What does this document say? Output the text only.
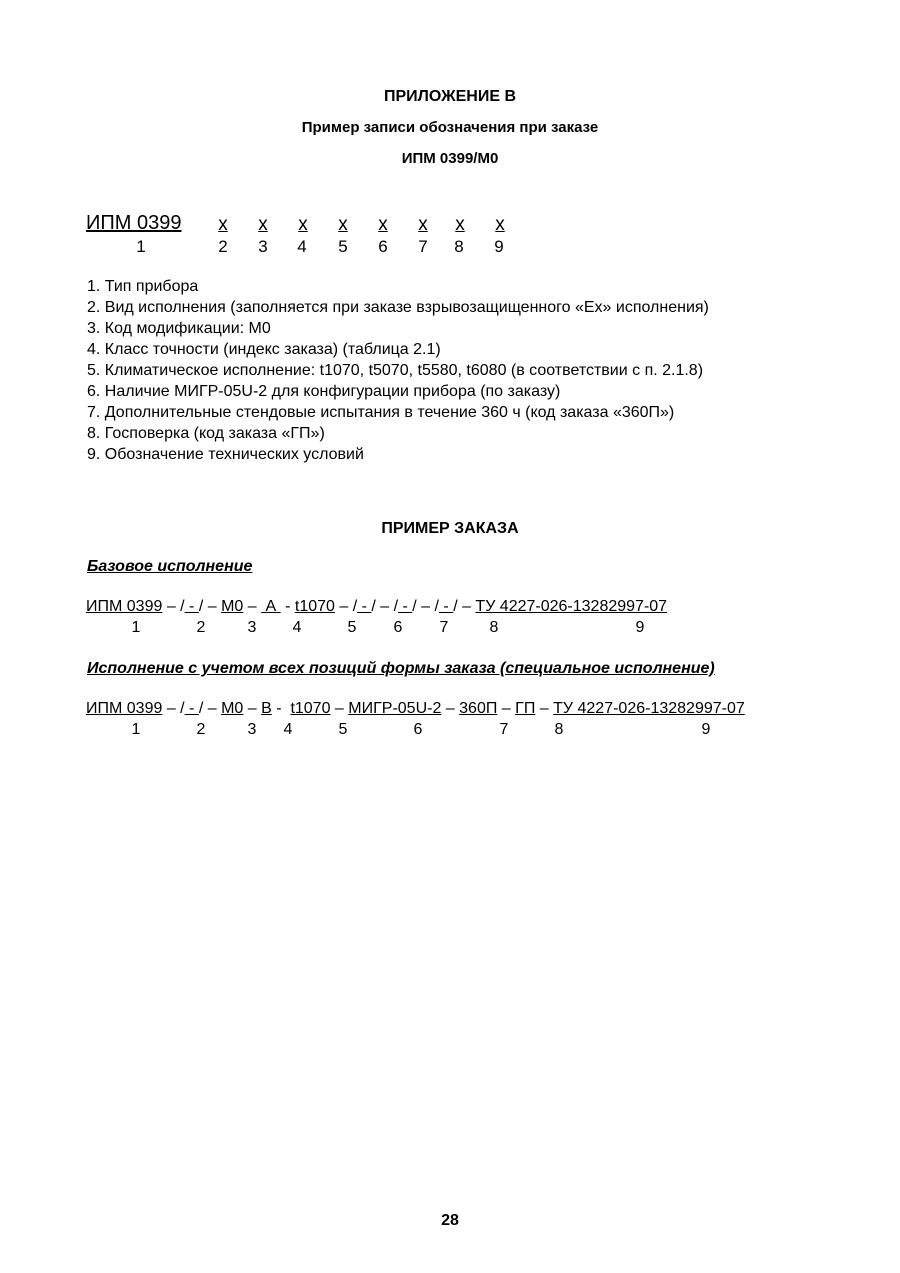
ПРИЛОЖЕНИЕ В
Пример записи обозначения при заказе
ИПМ 0399/М0
ИПМ 0399
1
х	х	х	х	х	х	х	х
2	3	4	5	6	7	8	9
1. Тип прибора
2. Вид исполнения (заполняется при заказе взрывозащищенного «Ех» исполнения)
3. Код модификации: М0
4. Класс точности (индекс заказа) (таблица 2.1)
5. Климатическое исполнение: t1070, t5070, t5580, t6080 (в соответствии с п. 2.1.8)
6. Наличие МИГР-05U-2 для конфигурации прибора (по заказу)
7. Дополнительные стендовые испытания в течение 360 ч (код заказа «360П»)
8. Госповерка (код заказа «ГП»)
9. Обозначение технических условий
ПРИМЕР ЗАКАЗА
Базовое исполнение
ИПМ 0399 – / - / – М0 –  А  - t1070 – / - / – / - / – / - / – ТУ 4227-026-13282997-07
1	2	3	4	5	6	7	8	9
Исполнение с учетом всех позиций формы заказа (специальное исполнение)
ИПМ 0399 – / - / – М0 – В -  t1070 – МИГР-05U-2 – 360П – ГП – ТУ 4227-026-13282997-07
1	2	3	4	5	6	7	8	9
28
